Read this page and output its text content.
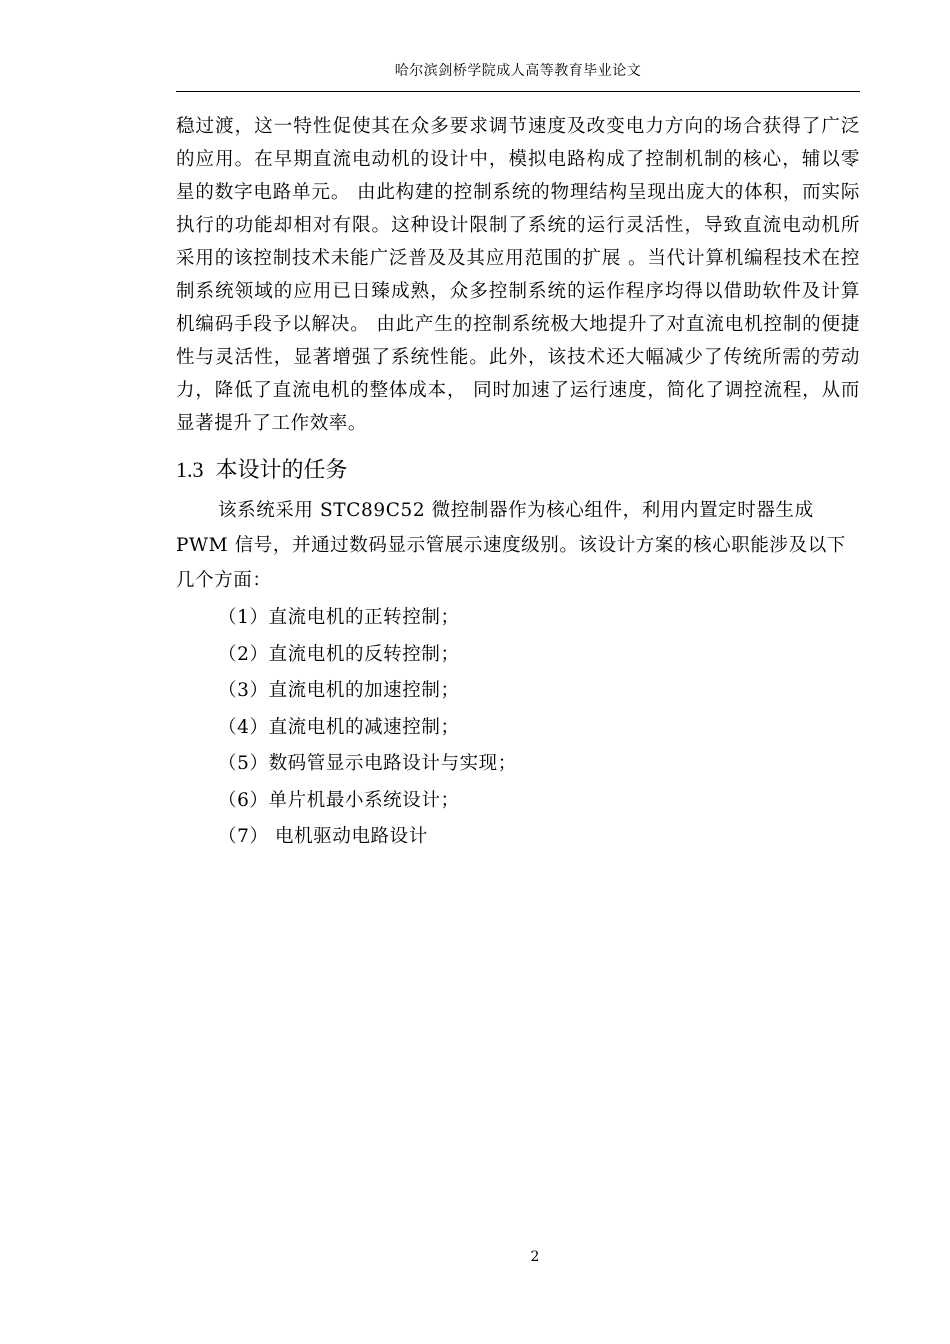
哈尔滨剑桥学院成人高等教育毕业论文
稳过渡，这一特性促使其在众多要求调节速度及改变电力方向的场合获得了广泛的应用。在早期直流电动机的设计中，模拟电路构成了控制机制的核心，辅以零星的数字电路单元。 由此构建的控制系统的物理结构呈现出庞大的体积，而实际执行的功能却相对有限。这种设计限制了系统的运行灵活性，导致直流电动机所采用的该控制技术未能广泛普及及其应用范围的扩展 。当代计算机编程技术在控制系统领域的应用已日臻成熟，众多控制系统的运作程序均得以借助软件及计算机编码手段予以解决。 由此产生的控制系统极大地提升了对直流电机控制的便捷性与灵活性，显著增强了系统性能。此外，该技术还大幅减少了传统所需的劳动力，降低了直流电机的整体成本， 同时加速了运行速度，简化了调控流程，从而显著提升了工作效率。
1.3 本设计的任务
该系统采用 STC89C52 微控制器作为核心组件，利用内置定时器生成 PWM 信号，并通过数码显示管展示速度级别。该设计方案的核心职能涉及以下几个方面：
（1）直流电机的正转控制；
（2）直流电机的反转控制；
（3）直流电机的加速控制；
（4）直流电机的减速控制；
（5）数码管显示电路设计与实现；
（6）单片机最小系统设计；
（7） 电机驱动电路设计
2
